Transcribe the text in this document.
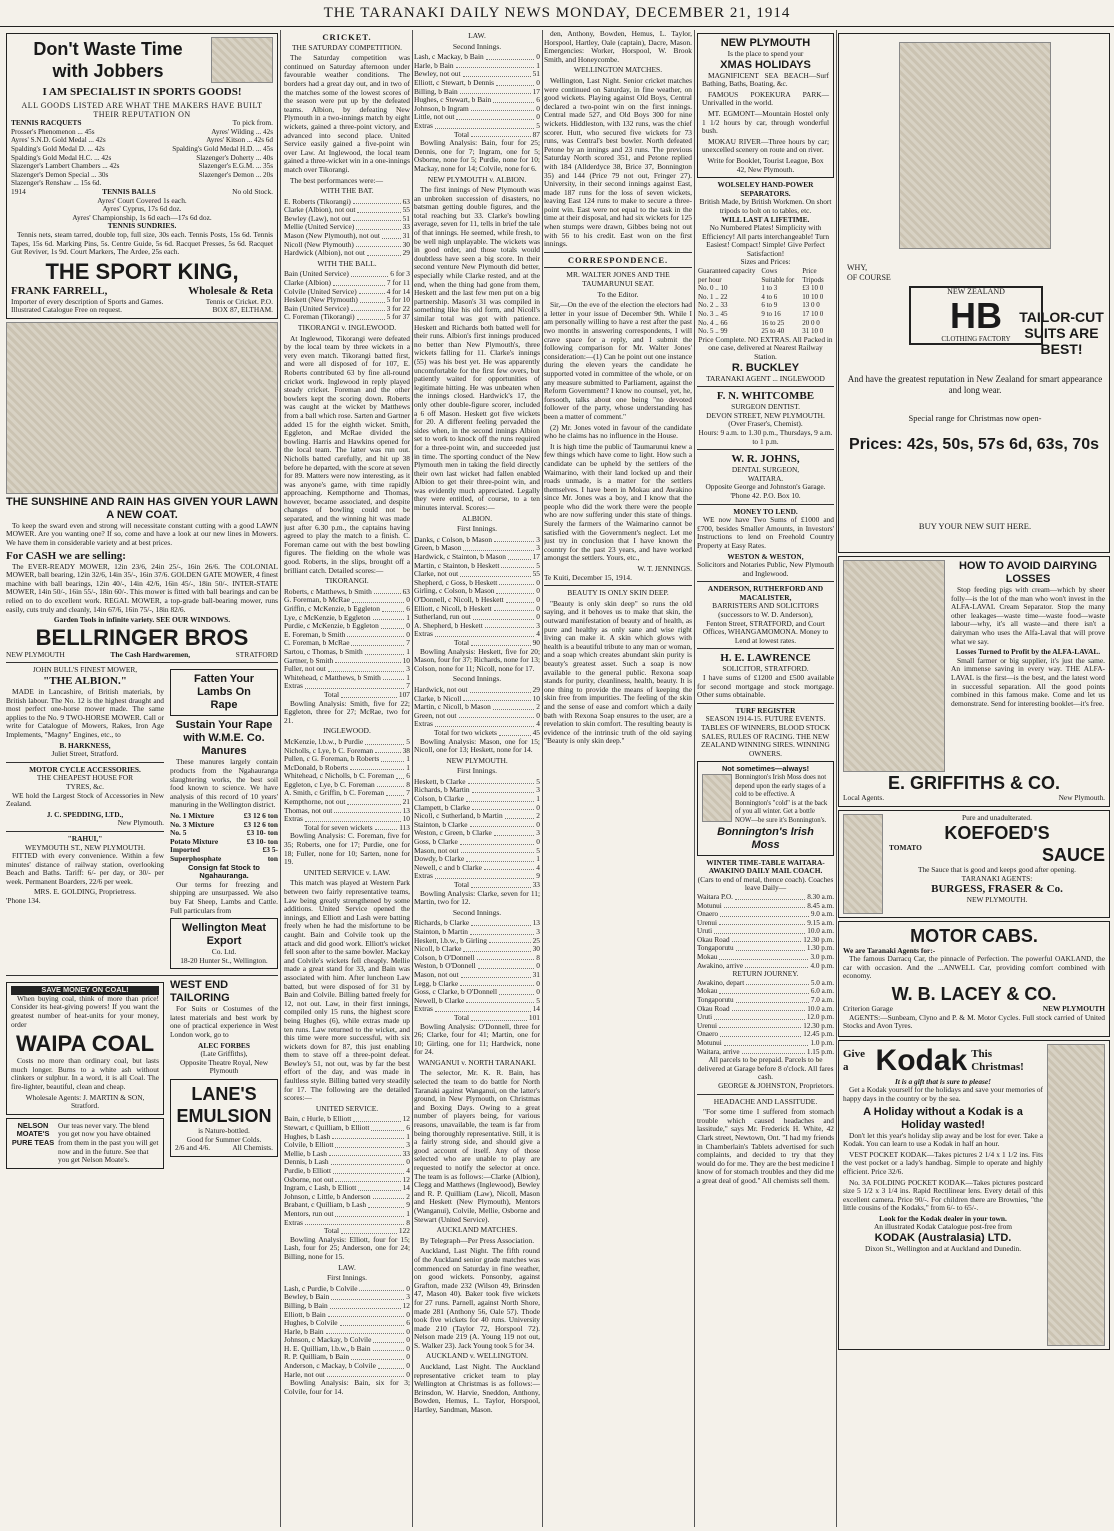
THE TARANAKI DAILY NEWS MONDAY, DECEMBER 21, 1914
Don't Waste Time
with Jobbers
I AM SPECIALIST IN SPORTS GOODS!
ALL GOODS LISTED ARE WHAT THE MAKERS HAVE BUILT THEIR REPUTATION ON
TENNIS RACQUETS	To pick from.
Prosser's Phenomenon ... 45s	Ayres' Wilding ... 42s
Ayres' S.N.D. Gold Medal ... 42s	Ayres' Kitson ... 42s 6d
Spalding's Gold Medal D. ... 42s	Spalding's Gold Medal H.D. ... 45s
Spalding's Gold Medal H.C. ... 42s	Slazenger's Doherty ... 40s
Slazenger's Lambert Chambers ... 42s	Slazenger's E.G.M. ... 35s
Slazenger's Demon Special ... 30s	Slazenger's Demon ... 20s
Slazenger's Renshaw ... 15s 6d.
1914	TENNIS BALLS	No old Stock.
Ayres' Court Covered 1s each.
Ayres' Cyprus, 17s 6d doz.
Ayres' Championship, 1s 6d each—17s 6d doz.
TENNIS SUNDRIES.

Tennis nets, steam tarred, double top, full size, 30s each. Tennis Posts, 15s 6d. Tennis Tapes, 15s 6d. Marking Pins, 5s. Centre Guide, 5s 6d. Racquet Presses, 5s 6d. Racquet Gut Reviver, 1s 9d. Court Markers, The Ardee, 25s each.

THE SPORT KING,
FRANK FARRELL,	Wholesale & Reta
Importer of every description of Sports and Games. Illustrated Catalogue Free on request.
Tennis or Cricket. P.O. BOX 87, ELTHAM.
THE SUNSHINE AND RAIN HAS GIVEN YOUR LAWN A NEW COAT.

To keep the sward even and strong will necessitate constant cutting with a good LAWN MOWER. Are you wanting one? If so, come and have a look at our new lines in Mowers. We have them in considerable variety and at best prices.

For CASH we are selling:

The EVER-READY MOWER, 12in 23/6, 24in 25/-, 16in 26/6. The COLONIAL MOWER, ball bearing, 12in 32/6, 14in 35/-, 16in 37/6. GOLDEN GATE MOWER, 4 finest machine with ball bearings, 12in 40/-, 14in 42/6, 16in 45/-, 18in 50/-. INTER-STATE MOWER, 14in 50/-, 16in 55/-, 18in 60/-. This mower is fitted with ball bearings and can be relied on to do excellent work. REGAL MOWER, a top-grade ball-bearing mower, runs easily, cuts truly and cleanly, 14in 67/6, 16in 75/-, 18in 82/6.

Garden Tools in infinite variety. SEE OUR WINDOWS.
BELLRINGER BROS
NEW PLYMOUTH	The Cash Hardwaremen,	STRATFORD
JOHN BULL'S FINEST MOWER,
"THE ALBION."

MADE in Lancashire, of British materials, by British labour. The No. 12 is the highest draught and most perfect one-horse mower made. The same applies to the No. 9 TWO-HORSE MOWER. Call or write for Catalogue of Mowers, Rakes, Iron Age Implements, "Magny" Engines, etc., to

B. HARKNESS,
Juliet Street, Stratford.
MOTOR CYCLE ACCESSORIES.
THE CHEAPEST HOUSE FOR
TYRES, &c.

WE hold the Largest Stock of Accessories in New Zealand.

J. C. SPEDDING, LTD.,
New Plymouth.
"RAHUI,"
WEYMOUTH ST., NEW PLYMOUTH.

FITTED with every convenience. Within a few minutes' distance of railway station, overlooking Beach and Baths. Tariff: 6/- per day, or 30/- per week. Permanent Boarders, 22/6 per week.

MRS. E. GOLDING, Proprietress.
'Phone 134.
Fatten Your
Lambs On
Rape
Sustain Your Rape with W.M.E. Co. Manures

These manures largely contain products from the Ngahauranga slaughtering works, the best soil food known to science. We have analysis of this record of 10 years' manuring in the Wellington district.

No. 1 Mixture	£3 12 6 ton
No. 3 Mixture	£3 12 6 ton
No. 5	£3 10- ton
Potato Mixture	£3 10- ton
Imported Superphosphate
£3 5- ton
Consign fat Stock to Ngahauranga.

Our terms for freezing and shipping are unsurpassed. We also buy Fat Sheep, Lambs and Cattle. Full particulars from

Wellington Meat Export
Co. Ltd.
18-20 Hunter St., Wellington.
SAVE MONEY ON COAL!

When buying coal, think of more than price! Consider its heat-giving powers! If you want the greatest number of heat-units for your money, order

WAIPA COAL

Costs no more than ordinary coal, but lasts much longer. Burns to a white ash without clinkers or sulphur. In a word, it is all Coal. The fire-lighter, beautiful, clean and cheap.

Wholesale Agents: J. MARTIN & SON, Stratford.
NELSON MOATE'S PURE TEAS
Our teas never vary. The blend you get now you have obtained from them in the past you will get now and in the future. See that you get Nelson Moate's.
WEST END TAILORING

For Suits or Costumes of the latest materials and best work by one of practical experience in West London work, go to

ALEC FORBES
(Late Griffiths),
Opposite Theatre Royal, New Plymouth
LANE'S EMULSION
is Nature-bottled.
Good for Summer Colds.
2/6 and 4/6.	All Chemists.
CRICKET.
THE SATURDAY COMPETITION.

The Saturday competition was continued on Saturday afternoon under favourable weather conditions. The borders had a great day out, and in two of the matches some of the lowest scores of the season were put up by the defeated teams. Albion, by defeating New Plymouth in a two-innings match by eight wickets, gained a three-point victory, and advanced into second place. United Service easily gained a five-point win over Law. At Inglewood, the local team gained a three-wicket win in a one-innings match over Tikorangi.

The best performances were:—

WITH THE BAT.
E. Roberts (Tikorangi)	63
Clarke (Albion), not out	55
Bewley (Law), not out	51
Mellie (United Service)	33
Mason (New Plymouth), not out	31
Nicoll (New Plymouth)	30
Hardwick (Albion), not out	29
WITH THE BALL.
Bain (United Service)	6 for 3
Clarke (Albion)	7 for 11
Colvile (United Service)	4 for 14
Heskett (New Plymouth)	5 for 10
Bain (United Service)	3 for 22
C. Foreman (Tikorangi)	5 for 37
TIKORANGI v. INGLEWOOD.

At Inglewood, Tikorangi were defeated by the local team by three wickets in a very even match. Tikorangi batted first, and were all disposed of for 107, E. Roberts contributed 63 by fine all-round cricket work. Inglewood in reply played steady cricket. Foreman and the other bowlers kept the scoring down. Roberts was caught at the wicket by Matthews from a ball which rose. Sarten and Gartner added 15 for the eighth wicket. Smith, Eggleton, and McRae divided the bowling. Harris and Hawkins opened for the local team. The latter was run out. Nicholls batted carefully, and hit up 38 before he departed, with the score at seven for 89. Matters were now interesting, as it was anyone's game, with time rapidly approaching. Kempthorne and Thomas, however, became associated, and despite changes of bowling could not be separated, and the winning hit was made just after 6.30 p.m., the captains having agreed to play the match to a finish. C. Foreman came out with the best bowling figures. The fielding on the whole was good. Roberts, in the slips, brought off a brilliant catch. Detailed scores:—

TIKORANGI.
Roberts, c Matthews, b Smith	63
G. Foreman, b McRae	0
Griffin, c McKenzie, b Eggleton	6
Lye, c McKenzie, b Eggleton	1
Purdie, c McKenzie, b Eggleton	0
E. Foreman, b Smith	0
C. Foreman, b McRae	7
Sartou, c Thomas, b Smith	1
Gartner, b Smith	10
Fuller, not out	3
Whitehead, c Matthews, b Smith	1
Extras	7
Total	107

Bowling Analysis: Smith, five for 22; Eggleton, three for 27; McRae, two for 21.

INGLEWOOD.
McKenzie, l.b.w., b Purdie	5
Nicholls, c Lye, b C. Foreman	38
Pullen, c G. Foreman, b Roberts	1
McDonald, b Roberts	1
Whitehead, c Nicholls, b C. Foreman 6
Eggleton, c Lye, b C. Foreman	8
A. Smith, c Griffin, b C. Foreman	7
Kempthorne, not out	21
Thomas, not out	13
Extras	10
Total for seven wickets	113

Bowling Analysis: C. Foreman, five for 35; Roberts, one for 17; Purdie, one for 18; Fuller, none for 10; Sarten, none for 19.

UNITED SERVICE v. LAW.

This match was played at Western Park between two fairly representative teams, Law being greatly strengthened by some additions. United Service opened the innings, and Elliott and Lash were batting freely when he had the misfortune to be caught. Bain and Colvile took up the attack and did good work. Elliott's wicket fell soon after to the same bowler. Mackay and Colvile's wickets fell cheaply. Mellie made a great stand for 33, and Bain was associated with him. After luncheon Law batted, but were disposed of for 31 by Bain and Colvile. Billing batted freely for 12, not out. Law, in their first innings, compiled only 15 runs, the highest score being Hughes (6), while extras made up ten runs. Law returned to the wicket, and this time were more successful, with six wickets down for 87, this just enabling them to stave off a three-point defeat. Bewley's 51, not out, was by far the best effort of the day, and was made in faultless style. Billing batted very steadily for 17. The following are the detailed scores:—

UNITED SERVICE.
Bain, c Hurle, b Elliott	12
Stewart, c Quilliam, b Elliott	6
Hughes, b Lash	1
Colvile, b Elliott	3
Mellie, b Lash	33
Dennis, b Lash	0
Purdie, b Elliott	4
Osborne, not out	12
Ingram, c Lash, b Elliott	14
Johnson, c Little, b Anderson	2
Brabant, c Quilliam, b Lash	9
Mentors, run out	1
Extras	8
Total	122

Bowling Analysis: Elliott, four for 15; Lash, four for 25; Anderson, one for 24; Billing, none for 15.

LAW.
First Innings.
Lash, c Purdie, b Colvile	0
Bewley, b Bain	3
Billing, b Bain	12
Elliott, b Bain	0
Hughes, b Colvile	6
Harle, b Bain	0
Johnson, c Mackay, b Colvile	0
H. E. Quilliam, l.b.w., b Bain	0
R. P. Quilliam, b Bain	0
Anderson, c Mackay, b Colvile	0
Harle, not out	0

Bowling Analysis: Bain, six for 3; Colvile, four for 14.

LAW.
Second Innings.
Lash, c Mackay, b Bain	0
Harle, b Bain	1
Bewley, not out	51
Elliott, c Stewart, b Dennis	0
Billing, b Bain	17
Hughes, c Stewart, b Bain	6
Johnson, b Ingram	0
Little, not out	0
Extras	5
Total	87

Bowling Analysis: Bain, four for 25; Dennis, one for 7; Ingram, one for 5; Osborne, none for 5; Purdie, none for 10; Mackay, none for 14; Colvile, none for 6.

NEW PLYMOUTH v. ALBION.

The first innings of New Plymouth was an unbroken succession of disasters, no batsman getting double figures, and the total reaching but 33. Clarke's bowling average, seven for 11, tells in brief the tale of that innings. He seemed, while fresh, to be well nigh unplayable. The wickets was in good order, and those totals would doubtless have seen a big score. In their second venture New Plymouth did better, especially while Clarke rested, and at the end, when the thing had gone from them, Heskett and the last few men put on a big partnership. Mason's 31 was compiled in something like his old form, and Nicoll's similar total was got with patience. Heskett and Richards both batted well for their runs. Albion's first innings produced no better than New Plymouth's, three wickets falling for 11. Clarke's innings (55) was his best yet. He was apparently uncomfortable for the first few overs, but patiently waited for opportunities of legitimate hitting. He was unbeaten when the innings closed. Hardwick's 17, the only other double-figure scorer, included a 6 off Mason. Heskett got five wickets for 20. A different feeling pervaded the sides when, in the second innings Albion set to work to knock off the runs required for a three-point win, and succeeded just in time. The sporting conduct of the New Plymouth men in taking the field directly their own last wicket had fallen enabled Albion to get their three-point win, and was evidently much appreciated. Legally they were entitled, of course, to a ten minutes interval. Scores:—

ALBION.
First Innings.
Danks, c Colson, b Mason	3
Green, b Mason	3
Hardwick, c Stainton, b Mason	17
Martin, c Stainton, b Heskett	5
Clarke, not out	55
Shepherd, c Goss, b Heskett	0
Girling, c Colson, b Mason	0
O'Donnell, c Nicoll, b Heskett	0
Elliott, c Nicoll, b Heskett	0
Sutherland, run out	0
A. Shepherd, b Heskett	3
Extras	4
Total	90

Bowling Analysis: Heskett, five for 20; Mason, four for 37; Richards, none for 13; Colson, none for 11; Nicoll, none for 17.

Second Innings.
Hardwick, not out	29
Clarke, b Nicoll	10
Martin, c Nicoll, b Mason	2
Green, not out	0
Extras	4
Total for two wickets	45

Bowling Analysis: Mason, one for 15; Nicoll, one for 13; Heskett, none for 14.

NEW PLYMOUTH.
First Innings.
Heskett, b Clarke	5
Richards, b Martin	3
Colson, b Clarke	1
Clampett, b Clarke	0
Nicoll, c Sutherland, b Martin	2
Stainton, b Clarke	0
Weston, c Green, b Clarke	3
Goss, b Clarke	0
Mason, not out	5
Dowdy, b Clarke	1
Newell, c and b Clarke	4
Extras	9
Total	33

Bowling Analysis: Clarke, seven for 11; Martin, two for 12.

Second Innings.
Richards, b Clarke	13
Stainton, b Martin	3
Heskett, l.b.w., b Girling	25
Nicoll, b Clarke	30
Colson, b O'Donnell	8
Weston, b O'Donnell	0
Mason, not out	31
Legg, b Clarke	0
Goss, c Clarke, b O'Donnell	0
Newell, b Clarke	5
Extras	14
Total	101

Bowling Analysis: O'Donnell, three for 26; Clarke, four for 41; Martin, one for 10; Girling, one for 11; Hardwick, none for 24.

WANGANUI v. NORTH TARANAKI.

The selector, Mr. K. R. Bain, has selected the team to do battle for North Taranaki against Wanganui, on the latter's ground, in New Plymouth, on Christmas and Boxing Days. Owing to a great number of players being, for various reasons, unavailable, the team is far from being thoroughly representative. Still, it is a fairly strong side, and should give a good account of itself. Any of those selected who are unable to play are requested to notify the selector at once. The team is as follows:—Clarke (Albion), Clegg and Matthews (Inglewood), Bewley and R. P. Quilliam (Law), Nicoll, Mason and Heskett (New Plymouth), Mentors (Wanganui), Colvile, Mellie, Osborne and Stewart (United Service).

AUCKLAND MATCHES.
By Telegraph—Per Press Association.

Auckland, Last Night. The fifth round of the Auckland senior grade matches was commenced on Saturday in fine weather, on good wickets. Ponsonby, against Grafton, made 232 (Wilson 49, Brinsden 47, Mason 40). Baker took five wickets for 27 runs. Parnell, against North Shore, made 281 (Anthony 56, Oale 57). Thode took five wickets for 40 runs. University made 210 (Taylor 72, Horspool 72). Nelson made 219 (A. Young 119 not out, S. Walker 23). Jack Young took 5 for 34.

AUCKLAND v. WELLINGTON.

Auckland, Last Night. The Auckland representative cricket team to play Wellington at Christmas is as follows:—Brinsdon, W. Harvie, Sneddon, Anthony, Bowden, Hemus, L. Taylor, Horspool, Hartley, Sandman, Mason.

den, Anthony, Bowden, Hemus, L. Taylor, Horspool, Hartley, Oale (captain), Dacre, Mason. Emergencies: Worker, Horspool, W. Brook Smith, and Honeycombe.

WELLINGTON MATCHES.

Wellington, Last Night. Senior cricket matches were continued on Saturday, in fine weather, on good wickets. Playing against Old Boys, Central declared a two-point win on the first innings. Central made 527, and Old Boys 300 for nine wickets. Hiddleston, with 132 runs, was the chief scorer. Hutt, who secured five wickets for 73 runs, was Central's best bowler. North defeated Petone by an innings and 23 runs. The previous Saturday North scored 351, and Petone replied with 184 (Allderdyce 38, Brice 37, Bonnington 35) and 144 (Price 79 not out, Fringer 27). University, in their second innings against East, made 187 runs for the loss of seven wickets, leaving East 124 runs to make to secure a three-point win. East were not equal to the task in the time at their disposal, and had six wickets for 125 when stumps were drawn, Gibbes being not out with 56 to his credit. East won on the first innings.

CORRESPONDENCE.
MR. WALTER JONES AND THE TAUMARUNUI SEAT.
To the Editor.

Sir,—On the eve of the election the electors had a letter in your issue of December 9th. While I am personally willing to have a rest after the past two months in answering correspondents, I will crave space for a reply, and I submit the following comparison for Mr. Walter Jones' consideration:—(1) Can he point out one instance during the eleven years the candidate he supported voted in committee of the whole, or on any measure submitted to Parliament, against the Reform Government? I know no counsel, yet, he, forsooth, talks about one being "no devoted follower of the party, whose understanding has been a matter of comment."

(2) Mr. Jones voted in favour of the candidate who he claims has no influence in the House.

It is high time the public of Taumarunui knew a few things which have come to light. How such a candidate can be upheld by the settlers of the Waimarino, with their land locked up and their roads unmade, is a matter for the settlers themselves. I have been in Mokau and Awakino since Mr. Jones was a boy, and I know that the people who did the work there were the people who are now suffering under this state of things. Surely the farmers of the Waimarino cannot be satisfied with the Government's neglect. Let me just try in conclusion that I have known the country for the past 23 years, and have worked amongst the settlers. Yours, etc.,

W. T. JENNINGS.
Te Kuiti, December 15, 1914.
BEAUTY IS ONLY SKIN DEEP.

"Beauty is only skin deep" so runs the old saying, and it behoves us to make that skin, the outward manifestation of beauty and of health, as pure and healthy as only sane and wise right living can make it. A skin which glows with health is a beautiful tribute to any man or woman, and a soap which creates abundant skin purity is beauty's greatest asset. Such a soap is now available to the general public. Rexona soap stands for purity, cleanliness, health, beauty. It is one thing to provide the means of keeping the skin free from impurities. The feeling of the skin and the sense of ease and comfort which a daily bath with Rexona Soap ensures to the user, are a revelation to skin comfort. The resulting beauty is evidence of the intrinsic truth of the old saying "Beauty is only skin deep."

NEW PLYMOUTH
Is the place to spend your
XMAS HOLIDAYS

MAGNIFICENT SEA BEACH—Surf Bathing, Baths, Boating, &c.

FAMOUS POKEKURA PARK—Unrivalled in the world.

MT. EGMONT—Mountain Hostel only 1 1/2 hours by car, through wonderful bush.

MOKAU RIVER—Three hours by car; unexcelled scenery on route and on river.

Write for Booklet, Tourist League, Box 42, New Plymouth.
WOLSELEY HAND-POWER SEPARATORS.
British Made, by British Workmen. On short tripods to bolt on to tables, etc.
WILL LAST A LIFETIME.
No Numbered Plates! Simplicity with Efficiency! All parts interchangeable! Turn Easiest! Compact! Simple! Give Perfect Satisfaction!
Sizes and Prices:
Guaranteed capacity per hour	Cows Suitable for	Price Tripods
No. 0 .. 10	1 to 3	£3 10 0
No. 1 .. 22	4 to 6	10 10 0
No. 2 .. 33	6 to 9	13 0 0
No. 3 .. 45	9 to 16	17 10 0
No. 4 .. 66	16 to 25	20 0 0
No. 5 .. 99	25 to 40	31 10 0
Price Complete. NO EXTRAS. All Packed in one case, delivered at Nearest Railway Station.
R. BUCKLEY
TARANAKI AGENT ... INGLEWOOD
F. N. WHITCOMBE
SURGEON DENTIST.
DEVON STREET, NEW PLYMOUTH. (Over Fraser's, Chemist).
Hours: 9 a.m. to 1.30 p.m., Thursdays, 9 a.m. to 1 p.m.
W. R. JOHNS,
DENTAL SURGEON,
WAITARA.
Opposite George and Johnston's Garage. 'Phone 42. P.O. Box 10.
MONEY TO LEND.

WE now have Two Sums of £1000 and £700, besides Smaller Amounts, in Investors' Instructions to lend on Freehold Country Property at Easy Rates.

WESTON & WESTON,
Solicitors and Notaries Public, New Plymouth and Inglewood.
ANDERSON, RUTHERFORD AND MACALISTER,
BARRISTERS AND SOLICITORS (successors to W. D. Anderson),
Fenton Street, STRATFORD, and Court Offices, WHANGAMOMONA. Money to Lend at lowest rates.
H. E. LAWRENCE
SOLICITOR, STRATFORD.

I have sums of £1200 and £500 available for second mortgage and stock mortgage. Other sums obtainable.

TURF REGISTER
SEASON 1914-15. FUTURE EVENTS. TABLES OF WINNERS, BLOOD STOCK SALES, RULES OF RACING. THE NEW ZEALAND WINNING SIRES. WINNING OWNERS.
Not sometimes—always!
Bonnington's Irish Moss does not depend upon the early stages of a cold to be effective. A Bonnington's "cold" is at the back of you all winter. Get a bottle NOW—be sure it's Bonnington's.
Bonnington's Irish Moss
WINTER TIME-TABLE WAITARA-AWAKINO DAILY MAIL COACH.
(Cars to end of metal, thence coach). Coaches leave Daily—
Waitara P.O.	8.30 a.m.
Motunui	8.45 a.m.
Onaero	9.0 a.m.
Urenui	9.15 a.m.
Uruti	10.0 a.m.
Okau Road	12.30 p.m.
Tongaporutu	1.30 p.m.
Mokau	3.0 p.m.
Awakino, arrive	4.0 p.m.
RETURN JOURNEY.
Awakino, depart	5.0 a.m.
Mokau	6.0 a.m.
Tongaporutu	7.0 a.m.
Okau Road	10.0 a.m.
Uruti	12.0 p.m.
Urenui	12.30 p.m.
Onaero	12.45 p.m.
Motunui	1.0 p.m.
Waitara, arrive	1.15 p.m.
All parcels to be prepaid. Parcels to be delivered at Garage before 8 o'clock. All fares cash.
GEORGE & JOHNSTON, Proprietors.
HEADACHE AND LASSITUDE.

"For some time I suffered from stomach trouble which caused headaches and lassitude," says Mr. Frederick H. White, 42 Clark street, Newtown, Ont. "I had my friends in Chamberlain's Tablets advertised for such complaints, and decided to try that they would do for me. They are the best medicine I know of for stomach troubles and they did me a great deal of good." All chemists sell them.

WHY,
OF COURSE
NEW ZEALAND
HB
CLOTHING FACTORY
TAILOR-CUT SUITS ARE BEST!
And have the greatest reputation in New Zealand for smart appearance and long wear.
Special range for Christmas now open-
Prices: 42s, 50s, 57s 6d, 63s, 70s
BUY YOUR NEW SUIT HERE.
HOW TO AVOID DAIRYING LOSSES

Stop feeding pigs with cream—which by sheer folly—is the lot of the man who won't invest in the ALFA-LAVAL Cream Separator. Stop the many other leakages—waste time—waste food—waste labour—why, it's all waste—and there isn't a dairyman who uses the Alfa-Laval that will prove what we say.

Losses Turned to Profit by the ALFA-LAVAL.

Small farmer or big supplier, it's just the same. An immense saving in every way. THE ALFA-LAVAL is the first—is the best, and the latest word in successful separation. All the good points combined in this famous make. Come and let us demonstrate. Send for interesting booklet—it's free.

E. GRIFFITHS & CO.
Local Agents.	New Plymouth.
Pure and unadulterated.
KOEFOED'S
TOMATO	SAUCE
The Sauce that is good and keeps good after opening.
TARANAKI AGENTS:
BURGESS, FRASER & Co.
NEW PLYMOUTH.
MOTOR CABS.
We are Taranaki Agents for:-

The famous Darracq Car, the pinnacle of Perfection. The powerful OAKLAND, the car with occasion. And the ...ANWELL Car, providing comfort combined with economy.

W. B. LACEY & CO.
Criterion Garage	NEW PLYMOUTH

AGENTS:—Sunbeam, Clyno and P. & M. Motor Cycles. Full stock carried of United Stocks and Avon Tyres.

Give a Kodak This Christmas!
It is a gift that is sure to please!

Get a Kodak yourself for the holidays and save your memories of happy days in the country or by the sea.

A Holiday without a Kodak is a Holiday wasted!

Don't let this year's holiday slip away and be lost for ever. Take a Kodak. You can learn to use a Kodak in half an hour.

VEST POCKET KODAK—Takes pictures 2 1/4 x 1 1/2 ins. Fits the vest pocket or a lady's handbag. Simple to operate and highly efficient. Price 32/6.

No. 3A FOLDING POCKET KODAK—Takes pictures postcard size 5 1/2 x 3 1/4 ins. Rapid Rectilinear lens. Every detail of this excellent camera. Price 90/-. For children there are Brownies, "the little cousins of the Kodaks," from 6/- to 65/-.

Look for the Kodak dealer in your town.
An illustrated Kodak Catalogue post-free from
KODAK (Australasia) LTD.
Dixon St., Wellington and at Auckland and Dunedin.
